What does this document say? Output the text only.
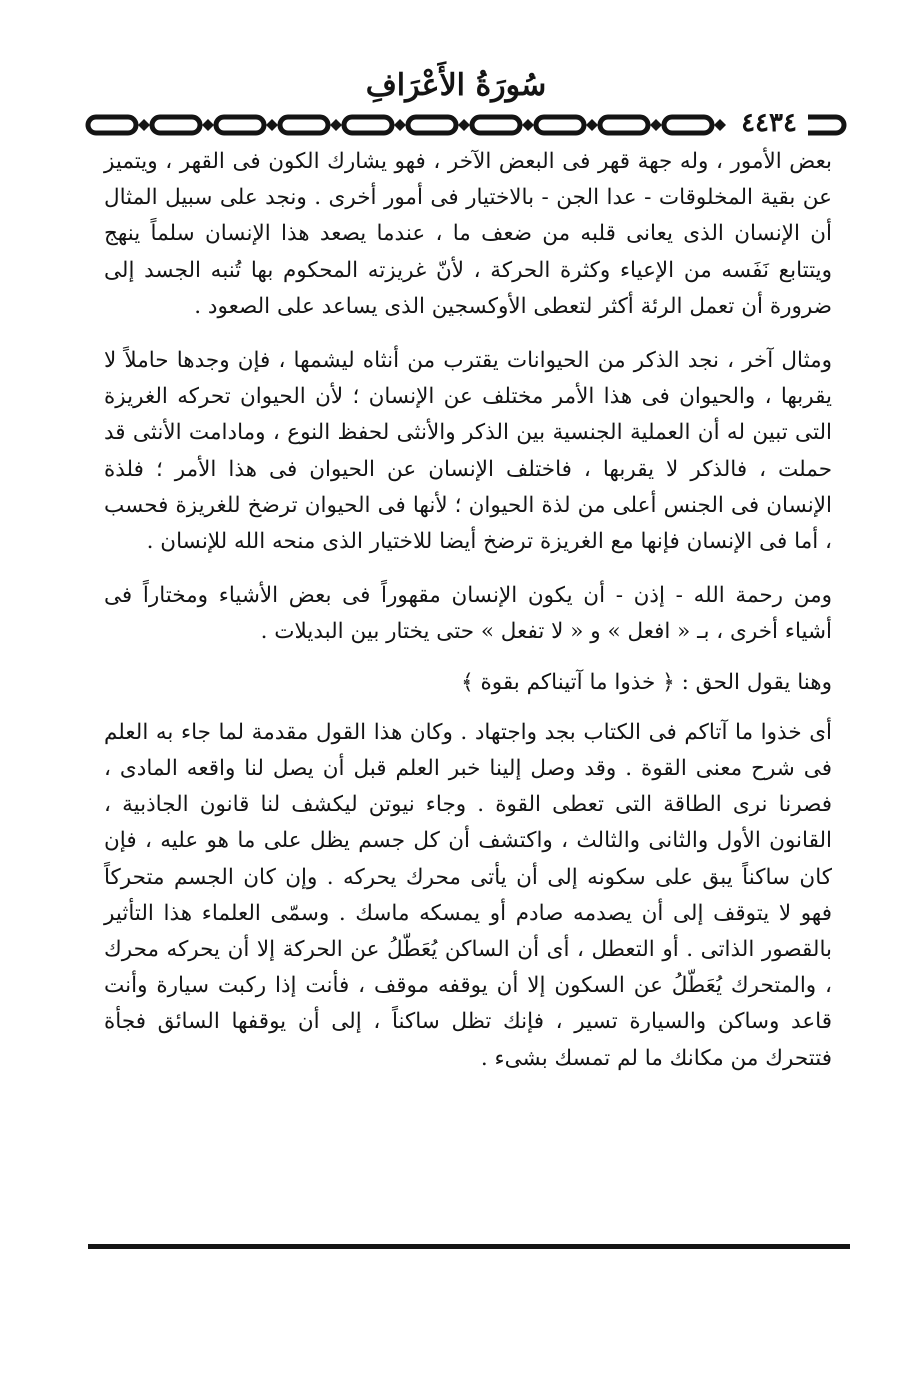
سُورَةُ الأَعْرَافِ
٤٤٣٤

بعض الأمور ، وله جهة قهر فى البعض الآخر ، فهو يشارك الكون فى القهر ، ويتميز عن بقية المخلوقات - عدا الجن - بالاختيار فى أمور أخرى . ونجد على سبيل المثال أن الإنسان الذى يعانى قلبه من ضعف ما ، عندما يصعد هذا الإنسان سلماً ينهج ويتتابع نَفَسه من الإعياء وكثرة الحركة ، لأنّ غريزته المحكوم بها تُنبه الجسد إلى ضرورة أن تعمل الرئة أكثر لتعطى الأوكسجين الذى يساعد على الصعود .

ومثال آخر ، نجد الذكر من الحيوانات يقترب من أنثاه ليشمها ، فإن وجدها حاملاً لا يقربها ، والحيوان فى هذا الأمر مختلف عن الإنسان ؛ لأن الحيوان تحركه الغريزة التى تبين له أن العملية الجنسية بين الذكر والأنثى لحفظ النوع ، ومادامت الأنثى قد حملت ، فالذكر لا يقربها ، فاختلف الإنسان عن الحيوان فى هذا الأمر ؛ فلذة الإنسان فى الجنس أعلى من لذة الحيوان ؛ لأنها فى الحيوان ترضخ للغريزة فحسب ، أما فى الإنسان فإنها مع الغريزة ترضخ أيضا للاختيار الذى منحه الله للإنسان .

ومن رحمة الله - إذن - أن يكون الإنسان مقهوراً فى بعض الأشياء ومختاراً فى أشياء أخرى ، بـ « افعل » و « لا تفعل » حتى يختار بين البديلات .

وهنا يقول الحق : ﴿ خذوا ما آتيناكم بقوة ﴾

أى خذوا ما آتاكم فى الكتاب بجد واجتهاد . وكان هذا القول مقدمة لما جاء به العلم فى شرح معنى القوة . وقد وصل إلينا خبر العلم قبل أن يصل لنا واقعه المادى ، فصرنا نرى الطاقة التى تعطى القوة . وجاء نيوتن ليكشف لنا قانون الجاذبية ، القانون الأول والثانى والثالث ، واكتشف أن كل جسم يظل على ما هو عليه ، فإن كان ساكناً يبق على سكونه إلى أن يأتى محرك يحركه . وإن كان الجسم متحركاً فهو لا يتوقف إلى أن يصدمه صادم أو يمسكه ماسك . وسمّى العلماء هذا التأثير بالقصور الذاتى . أو التعطل ، أى أن الساكن يُعَطّلُ عن الحركة إلا أن يحركه محرك ، والمتحرك يُعَطّلُ عن السكون إلا أن يوقفه موقف ، فأنت إذا ركبت سيارة وأنت قاعد وساكن والسيارة تسير ، فإنك تظل ساكناً ، إلى أن يوقفها السائق فجأة فتتحرك من مكانك ما لم تمسك بشىء .
